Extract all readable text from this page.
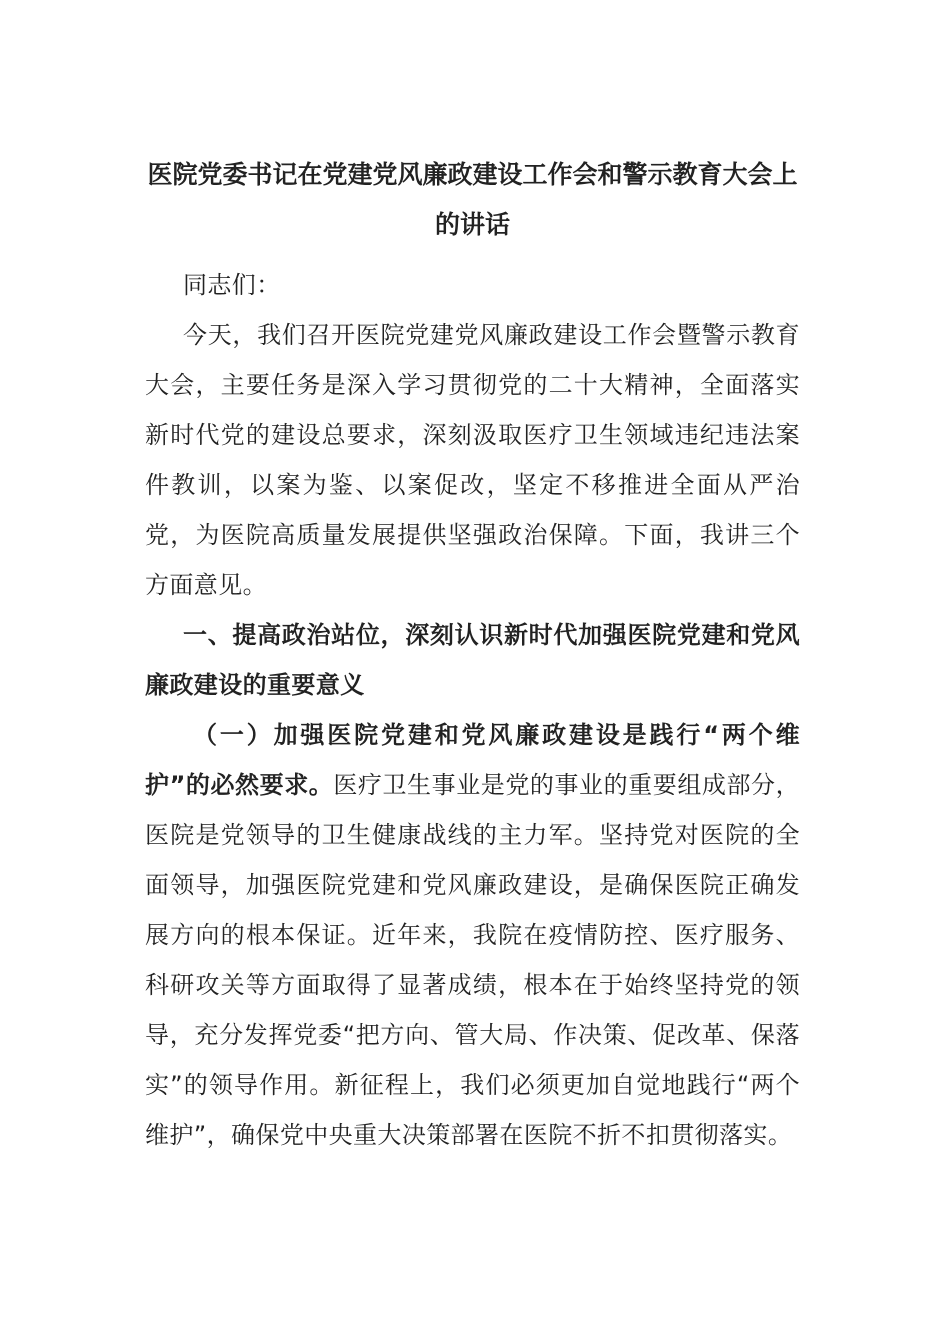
医院党委书记在党建党风廉政建设工作会和警示教育大会上的讲话

同志们：

今天，我们召开医院党建党风廉政建设工作会暨警示教育大会，主要任务是深入学习贯彻党的二十大精神，全面落实新时代党的建设总要求，深刻汲取医疗卫生领域违纪违法案件教训，以案为鉴、以案促改，坚定不移推进全面从严治党，为医院高质量发展提供坚强政治保障。下面，我讲三个方面意见。

一、提高政治站位，深刻认识新时代加强医院党建和党风廉政建设的重要意义

（一）加强医院党建和党风廉政建设是践行“两个维护”的必然要求。医疗卫生事业是党的事业的重要组成部分，医院是党领导的卫生健康战线的主力军。坚持党对医院的全面领导，加强医院党建和党风廉政建设，是确保医院正确发展方向的根本保证。近年来，我院在疫情防控、医疗服务、科研攻关等方面取得了显著成绩，根本在于始终坚持党的领导，充分发挥党委“把方向、管大局、作决策、促改革、保落实”的领导作用。新征程上，我们必须更加自觉地践行“两个维护”，确保党中央重大决策部署在医院不折不扣贯彻落实。
